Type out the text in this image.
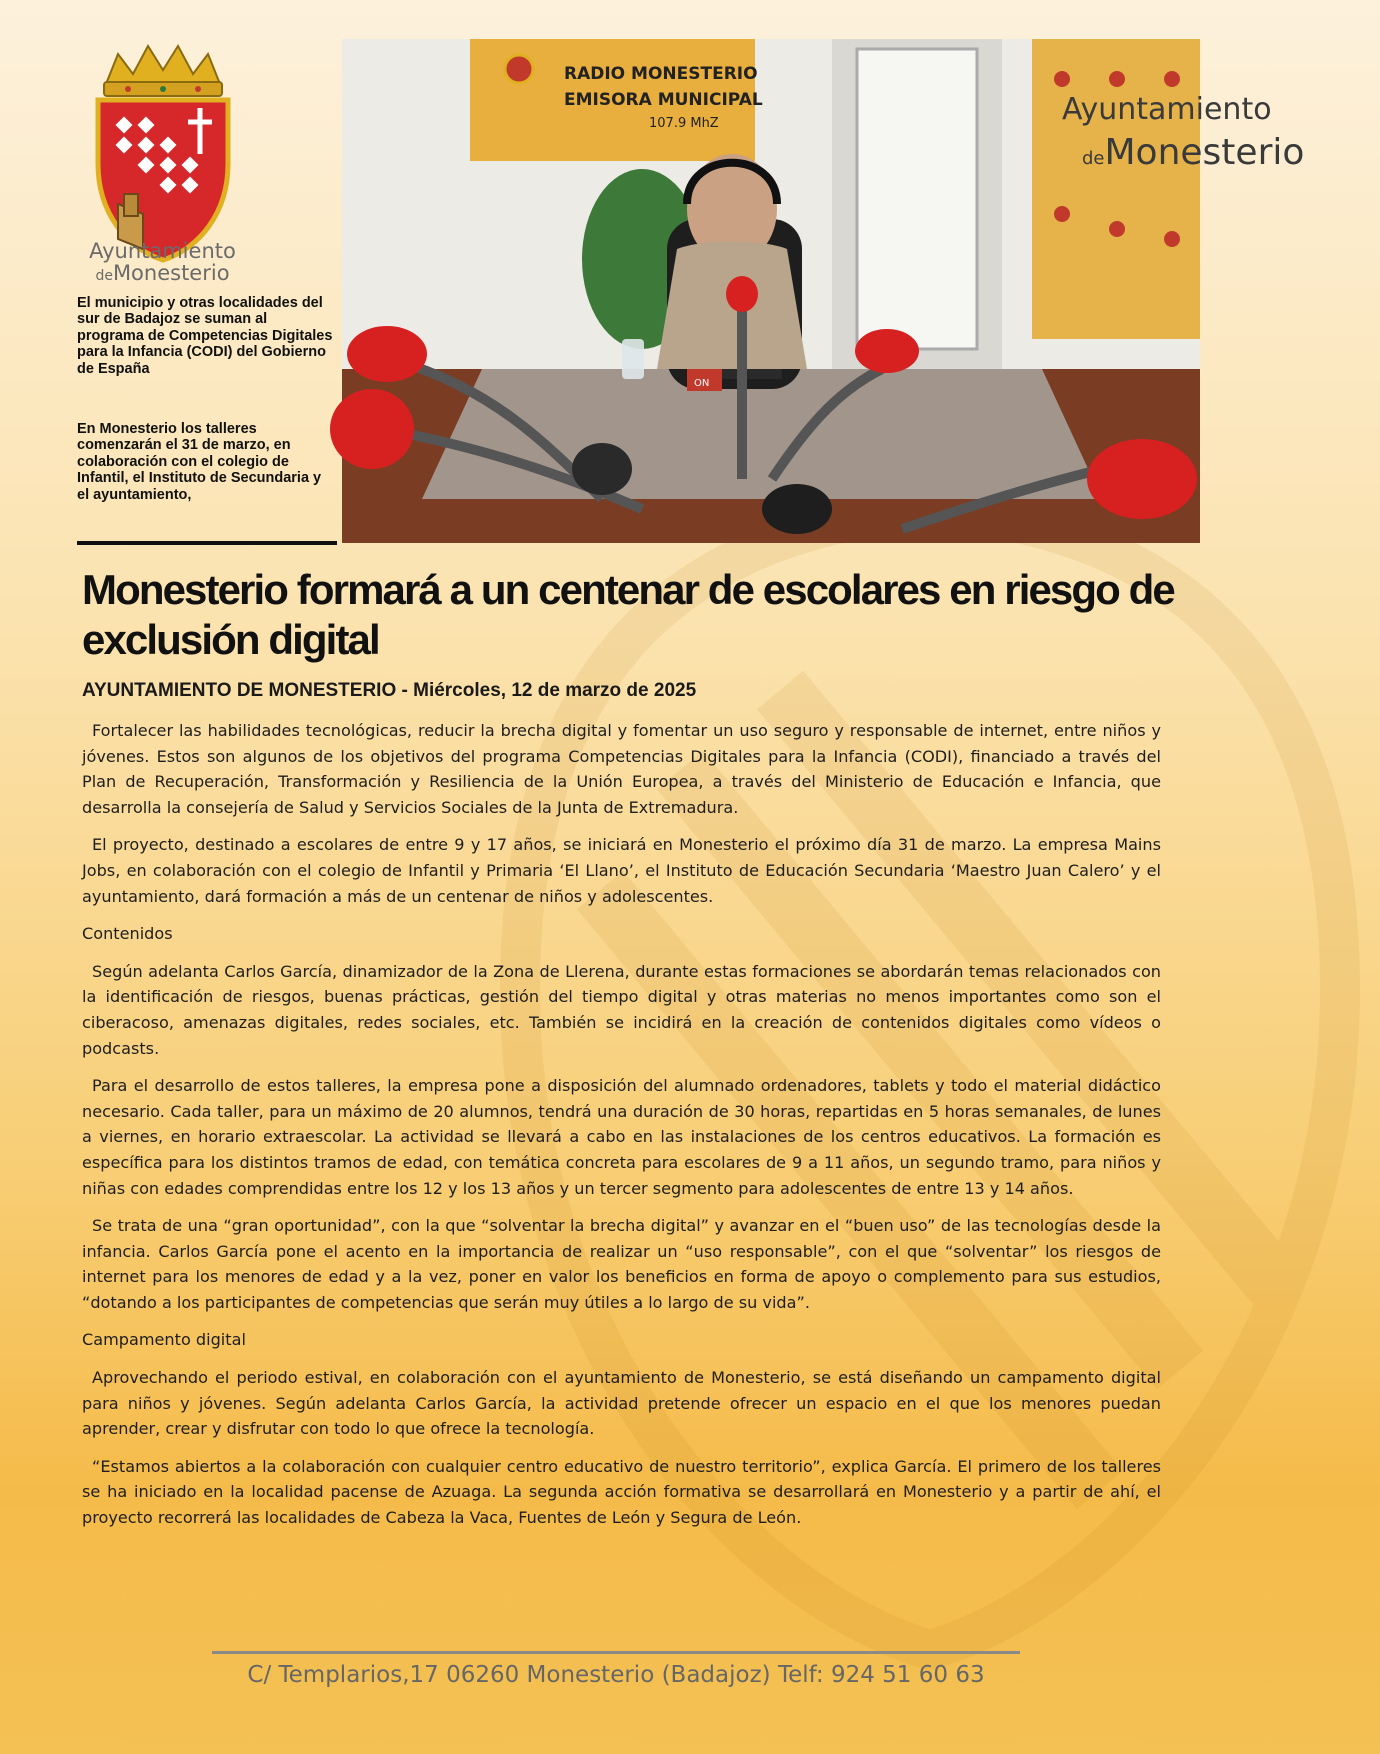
Ayuntamiento
deMonesterio
El municipio y otras localidades del sur de Badajoz se suman al programa de Competencias Digitales para la Infancia (CODI) del Gobierno de España
En Monesterio los talleres comenzarán el 31 de marzo, en colaboración con el colegio de Infantil, el Instituto de Secundaria y el ayuntamiento,
Ayuntamiento
deMonesterio
RADIO MONESTERIO
EMISORA MUNICIPAL
107.9 MhZ
ON
Monesterio formará a un centenar de escolares en riesgo de exclusión digital
AYUNTAMIENTO DE MONESTERIO - Miércoles, 12 de marzo de 2025

Fortalecer las habilidades tecnológicas, reducir la brecha digital y fomentar un uso seguro y responsable de internet, entre niños y jóvenes. Estos son algunos de los objetivos del programa Competencias Digitales para la Infancia (CODI), financiado a través del Plan de Recuperación, Transformación y Resiliencia de la Unión Europea, a través del Ministerio de Educación e Infancia, que desarrolla la consejería de Salud y Servicios Sociales de la Junta de Extremadura.

El proyecto, destinado a escolares de entre 9 y 17 años, se iniciará en Monesterio el próximo día 31 de marzo. La empresa Mains Jobs, en colaboración con el colegio de Infantil y Primaria ‘El Llano’, el Instituto de Educación Secundaria ‘Maestro Juan Calero’ y el ayuntamiento, dará formación a más de un centenar de niños y adolescentes.

Contenidos

Según adelanta Carlos García, dinamizador de la Zona de Llerena, durante estas formaciones se abordarán temas relacionados con la identificación de riesgos, buenas prácticas, gestión del tiempo digital y otras materias no menos importantes como son el ciberacoso, amenazas digitales, redes sociales, etc. También se incidirá en la creación de contenidos digitales como vídeos o podcasts.

Para el desarrollo de estos talleres, la empresa pone a disposición del alumnado ordenadores, tablets y todo el material didáctico necesario. Cada taller, para un máximo de 20 alumnos, tendrá una duración de 30 horas, repartidas en 5 horas semanales, de lunes a viernes, en horario extraescolar. La actividad se llevará a cabo en las instalaciones de los centros educativos. La formación es específica para los distintos tramos de edad, con temática concreta para escolares de 9 a 11 años, un segundo tramo, para niños y niñas con edades comprendidas entre los 12 y los 13 años y un tercer segmento para adolescentes de entre 13 y 14 años.

Se trata de una “gran oportunidad”, con la que “solventar la brecha digital” y avanzar en el “buen uso” de las tecnologías desde la infancia. Carlos García pone el acento en la importancia de realizar un “uso responsable”, con el que “solventar” los riesgos de internet para los menores de edad y a la vez, poner en valor los beneficios en forma de apoyo o complemento para sus estudios, “dotando a los participantes de competencias que serán muy útiles a lo largo de su vida”.

Campamento digital

Aprovechando el periodo estival, en colaboración con el ayuntamiento de Monesterio, se está diseñando un campamento digital para niños y jóvenes. Según adelanta Carlos García, la actividad pretende ofrecer un espacio en el que los menores puedan aprender, crear y disfrutar con todo lo que ofrece la tecnología.

“Estamos abiertos a la colaboración con cualquier centro educativo de nuestro territorio”, explica García. El primero de los talleres se ha iniciado en la localidad pacense de Azuaga. La segunda acción formativa se desarrollará en Monesterio y a partir de ahí, el proyecto recorrerá las localidades de Cabeza la Vaca, Fuentes de León y Segura de León.

C/ Templarios,17 06260 Monesterio (Badajoz) Telf: 924 51 60 63
